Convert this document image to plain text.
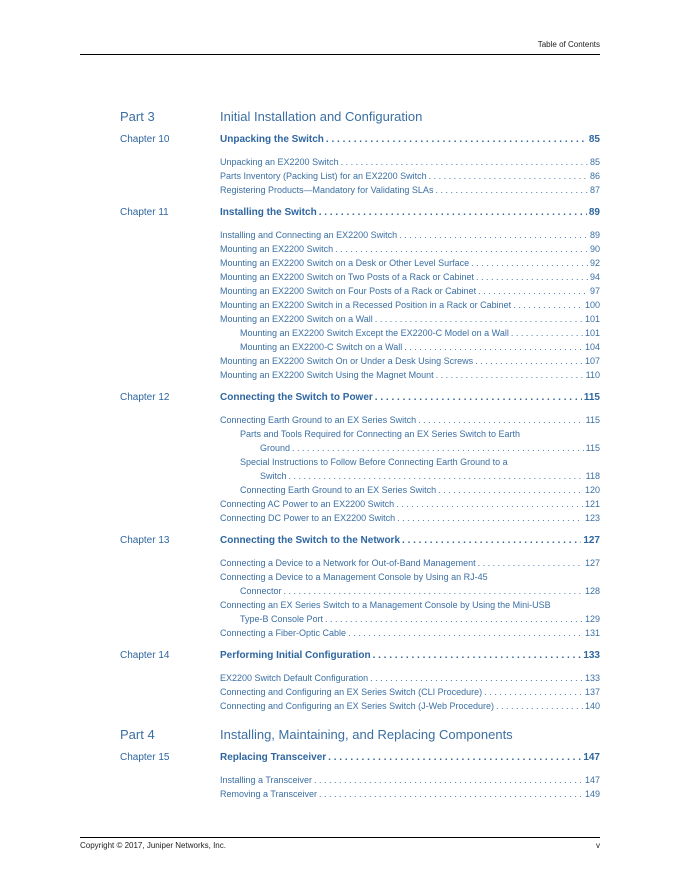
Table of Contents
Part 3	Initial Installation and Configuration
Chapter 10	Unpacking the Switch . . .	85
Unpacking an EX2200 Switch . . .	85
Parts Inventory (Packing List) for an EX2200 Switch . . .	86
Registering Products—Mandatory for Validating SLAs . . .	87
Chapter 11	Installing the Switch . . .	89
Installing and Connecting an EX2200 Switch . . .	89
Mounting an EX2200 Switch . . .	90
Mounting an EX2200 Switch on a Desk or Other Level Surface . . .	92
Mounting an EX2200 Switch on Two Posts of a Rack or Cabinet . . .	94
Mounting an EX2200 Switch on Four Posts of a Rack or Cabinet . . .	97
Mounting an EX2200 Switch in a Recessed Position in a Rack or Cabinet . . .	100
Mounting an EX2200 Switch on a Wall . . .	101
Mounting an EX2200 Switch Except the EX2200-C Model on a Wall . . .	101
Mounting an EX2200-C Switch on a Wall . . .	104
Mounting an EX2200 Switch On or Under a Desk Using Screws . . .	107
Mounting an EX2200 Switch Using the Magnet Mount . . .	110
Chapter 12	Connecting the Switch to Power . . .	115
Connecting Earth Ground to an EX Series Switch . . .	115
Parts and Tools Required for Connecting an EX Series Switch to Earth
Ground . . .	115
Special Instructions to Follow Before Connecting Earth Ground to a
Switch . . .	118
Connecting Earth Ground to an EX Series Switch . . .	120
Connecting AC Power to an EX2200 Switch . . .	121
Connecting DC Power to an EX2200 Switch . . .	123
Chapter 13	Connecting the Switch to the Network . . .	127
Connecting a Device to a Network for Out-of-Band Management . . .	127
Connecting a Device to a Management Console by Using an RJ-45
Connector . . .	128
Connecting an EX Series Switch to a Management Console by Using the Mini-USB
Type-B Console Port . . .	129
Connecting a Fiber-Optic Cable . . .	131
Chapter 14	Performing Initial Configuration . . .	133
EX2200 Switch Default Configuration . . .	133
Connecting and Configuring an EX Series Switch (CLI Procedure) . . .	137
Connecting and Configuring an EX Series Switch (J-Web Procedure) . . .	140
Part 4	Installing, Maintaining, and Replacing Components
Chapter 15	Replacing Transceiver . . .	147
Installing a Transceiver . . .	147
Removing a Transceiver . . .	149
Copyright © 2017, Juniper Networks, Inc.	v
